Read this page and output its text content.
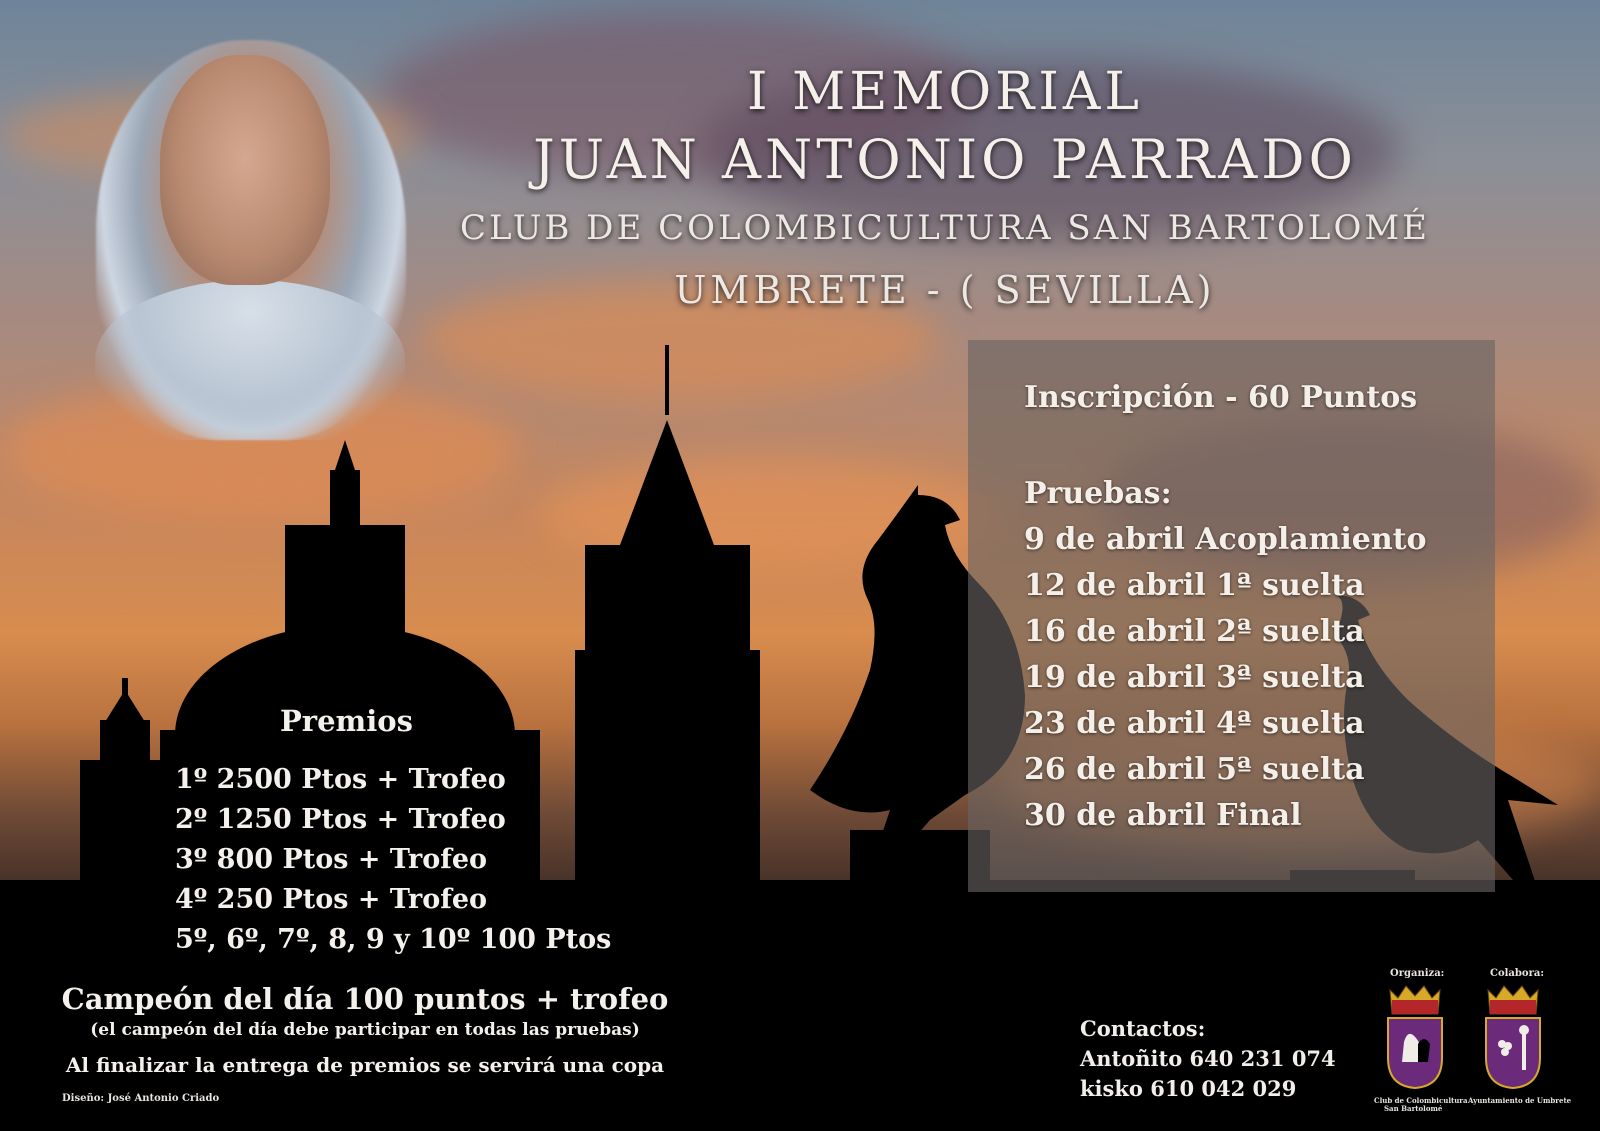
I MEMORIAL
JUAN ANTONIO PARRADO
CLUB DE COLOMBICULTURA SAN BARTOLOMÉ
UMBRETE - ( SEVILLA)
Inscripción - 60 Puntos
Pruebas:
9 de abril Acoplamiento
12 de abril 1ª suelta
16 de abril 2ª suelta
19 de abril 3ª suelta
23 de abril 4ª suelta
26 de abril 5ª suelta
30 de abril Final
Premios
1º 2500 Ptos + Trofeo
2º 1250 Ptos + Trofeo
3º 800 Ptos + Trofeo
4º 250 Ptos + Trofeo
5º, 6º, 7º, 8, 9 y 10º 100 Ptos
Campeón del día 100 puntos + trofeo
(el campeón del día debe participar en todas las pruebas)
Al finalizar la entrega de premios se servirá una copa
Diseño: José Antonio Criado
Contactos:
Antoñito 640 231 074
kisko 610 042 029
Organiza:
Club de Colombicultura
San Bartolomé
Colabora:
Ayuntamiento de Umbrete
